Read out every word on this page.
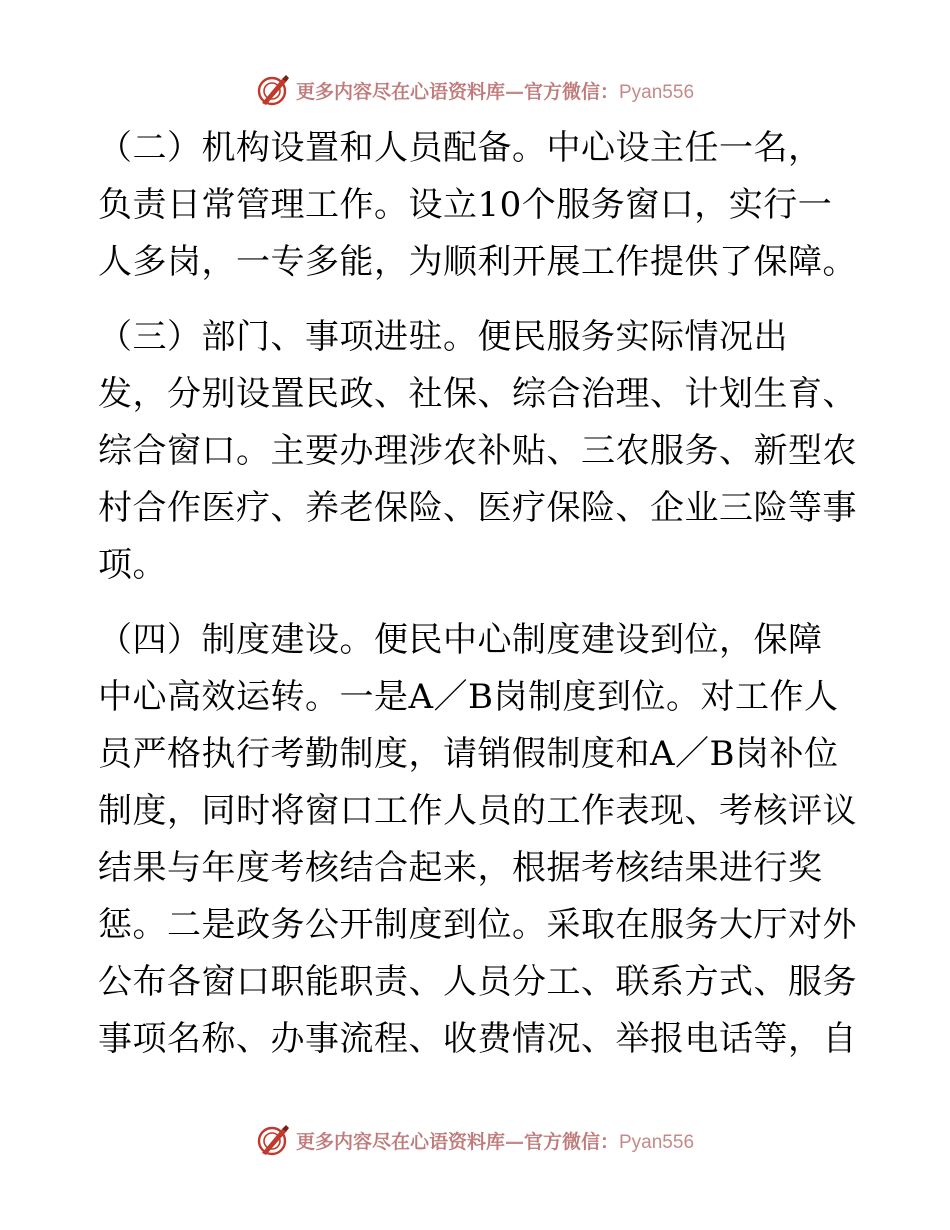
更多内容尽在心语资料库—官方微信：Pyan556
（二）机构设置和人员配备。中心设主任一名，
负责日常管理工作。设立10个服务窗口，实行一
人多岗，一专多能，为顺利开展工作提供了保障。
（三）部门、事项进驻。便民服务实际情况出
发，分别设置民政、社保、综合治理、计划生育、
综合窗口。主要办理涉农补贴、三农服务、新型农
村合作医疗、养老保险、医疗保险、企业三险等事
项。
（四）制度建设。便民中心制度建设到位，保障
中心高效运转。一是A／B岗制度到位。对工作人
员严格执行考勤制度，请销假制度和A／B岗补位
制度，同时将窗口工作人员的工作表现、考核评议
结果与年度考核结合起来，根据考核结果进行奖
惩。二是政务公开制度到位。采取在服务大厅对外
公布各窗口职能职责、人员分工、联系方式、服务
事项名称、办事流程、收费情况、举报电话等，自
更多内容尽在心语资料库—官方微信：Pyan556
